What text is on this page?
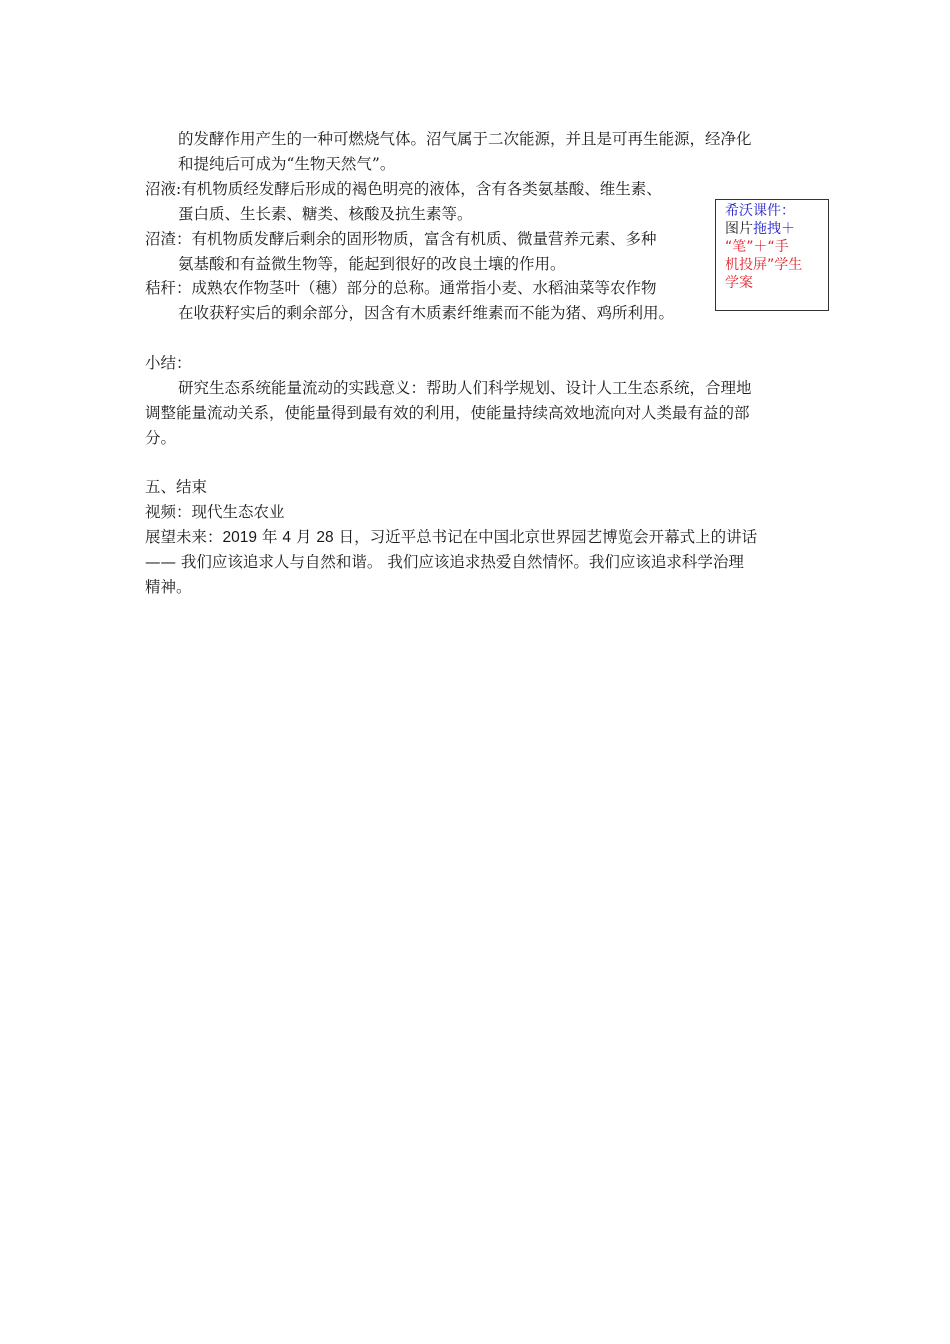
的发酵作用产生的一种可燃烧气体。沼气属于二次能源，并且是可再生能源，经净化
和提纯后可成为“生物天然气”。
沼液:有机物质经发酵后形成的褐色明亮的液体，含有各类氨基酸、维生素、
蛋白质、生长素、糖类、核酸及抗生素等。
沼渣：有机物质发酵后剩余的固形物质，富含有机质、微量营养元素、多种
氨基酸和有益微生物等，能起到很好的改良土壤的作用。
秸秆：成熟农作物茎叶（穗）部分的总称。通常指小麦、水稻油菜等农作物
在收获籽实后的剩余部分，因含有木质素纤维素而不能为猪、鸡所利用。
希沃课件：
图片拖拽＋
“笔”＋“手
机投屏”学生
学案
小结：
研究生态系统能量流动的实践意义：帮助人们科学规划、设计人工生态系统，合理地
调整能量流动关系，使能量得到最有效的利用，使能量持续高效地流向对人类最有益的部
分。
五、结束
视频：现代生态农业
展望未来：2019 年 4 月 28 日，习近平总书记在中国北京世界园艺博览会开幕式上的讲话
—— 我们应该追求人与自然和谐。 我们应该追求热爱自然情怀。我们应该追求科学治理
精神。
